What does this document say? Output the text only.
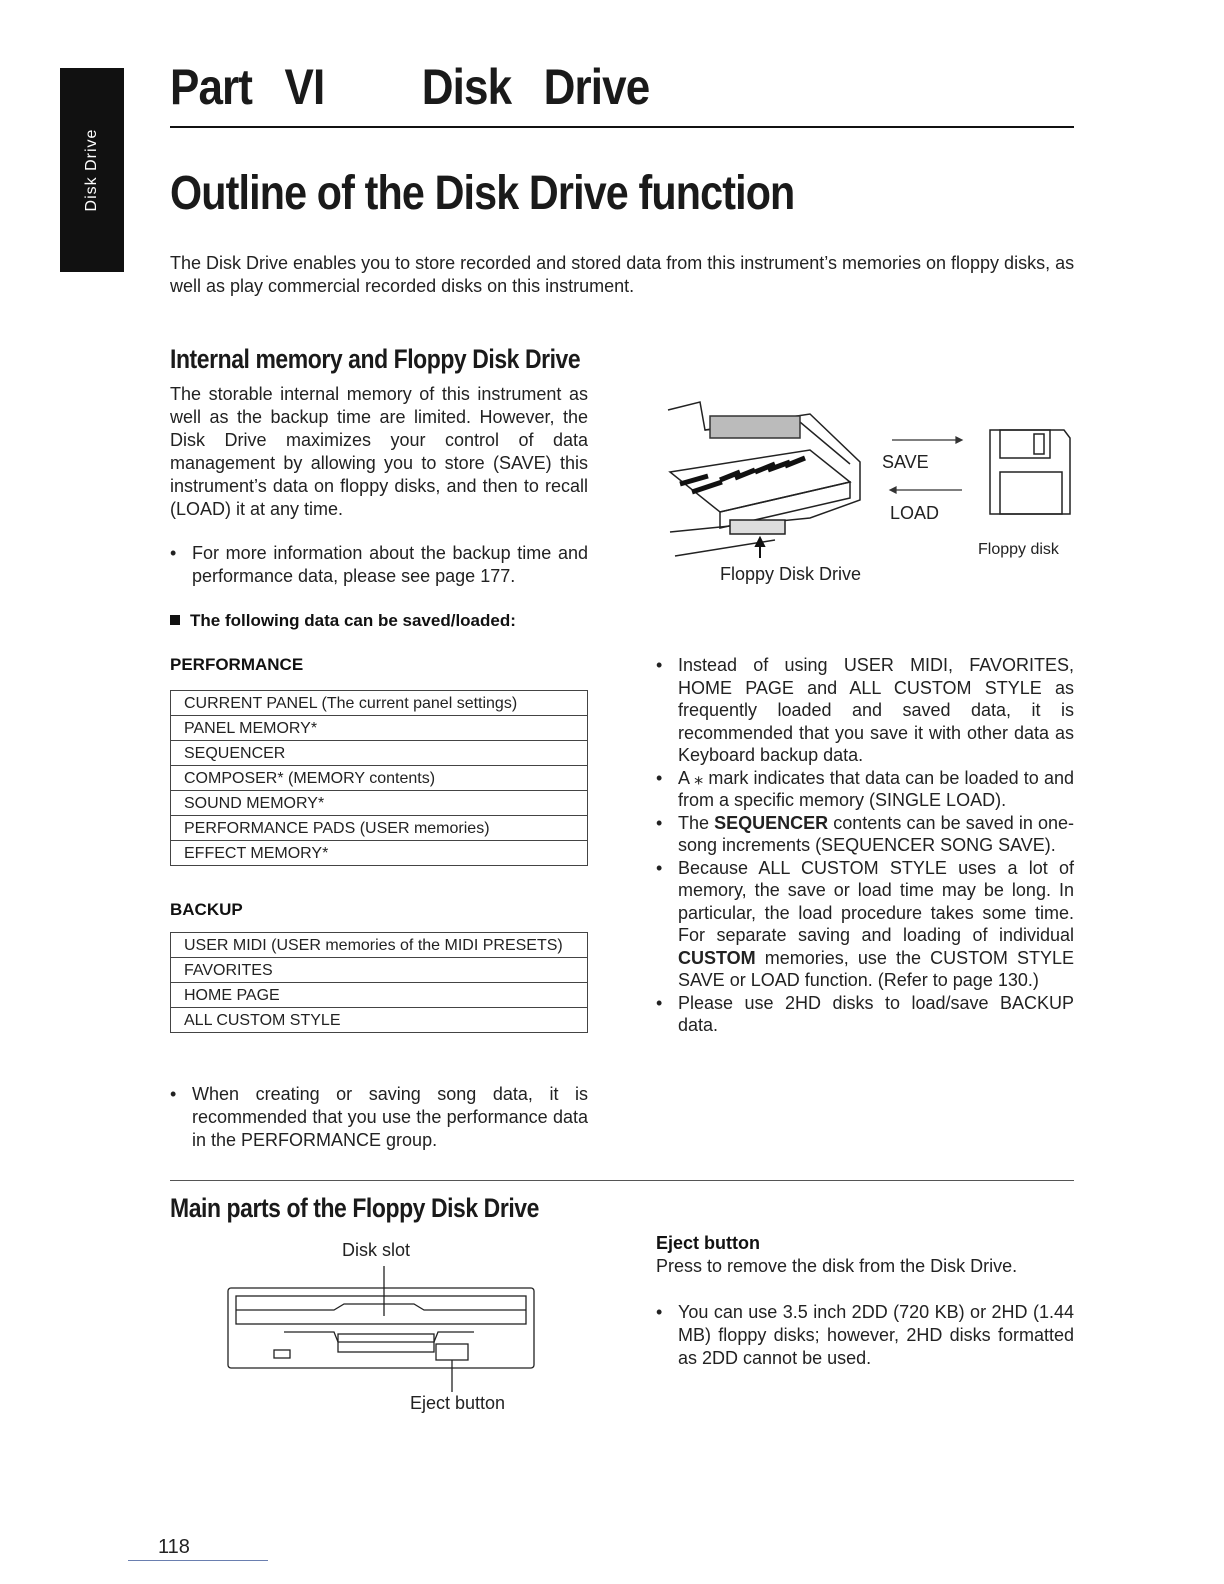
Disk Drive
Part VI   Disk Drive
Outline of the Disk Drive function

The Disk Drive enables you to store recorded and stored data from this instrument’s memories on floppy disks, as well as play commercial recorded disks on this instrument.

Internal memory and Floppy Disk Drive
The storable internal memory of this instrument as well as the backup time are limited. However, the Disk Drive maximizes your control of data management by allowing you to store (SAVE) this instrument’s data on floppy disks, and then to recall (LOAD) it at any time.
• For more information about the backup time and performance data, please see page 177.
SAVE
LOAD
Floppy disk
Floppy Disk Drive
The following data can be saved/loaded:
PERFORMANCE
CURRENT PANEL (The current panel settings)
PANEL MEMORY*
SEQUENCER
COMPOSER* (MEMORY contents)
SOUND MEMORY*
PERFORMANCE PADS (USER memories)
EFFECT MEMORY*
BACKUP
USER MIDI (USER memories of the MIDI PRESETS)
FAVORITES
HOME PAGE
ALL CUSTOM STYLE
• When creating or saving song data, it is recommended that you use the performance data in the PERFORMANCE group.
• Instead of using USER MIDI, FAVORITES, HOME PAGE and ALL CUSTOM STYLE as frequently loaded and saved data, it is recommended that you save it with other data as Keyboard backup data.
• A ⁎ mark indicates that data can be loaded to and from a specific memory (SINGLE LOAD).
• The SEQUENCER contents can be saved in one-song increments (SEQUENCER SONG SAVE).
• Because ALL CUSTOM STYLE uses a lot of memory, the save or load time may be long. In particular, the load procedure takes some time. For separate saving and loading of individual CUSTOM memories, use the CUSTOM STYLE SAVE or LOAD function. (Refer to page 130.)
• Please use 2HD disks to load/save BACKUP data.
Main parts of the Floppy Disk Drive
Disk slot
Eject button
Eject button
Press to remove the disk from the Disk Drive.
• You can use 3.5 inch 2DD (720 KB) or 2HD (1.44 MB) floppy disks; however, 2HD disks formatted as 2DD cannot be used.
118
